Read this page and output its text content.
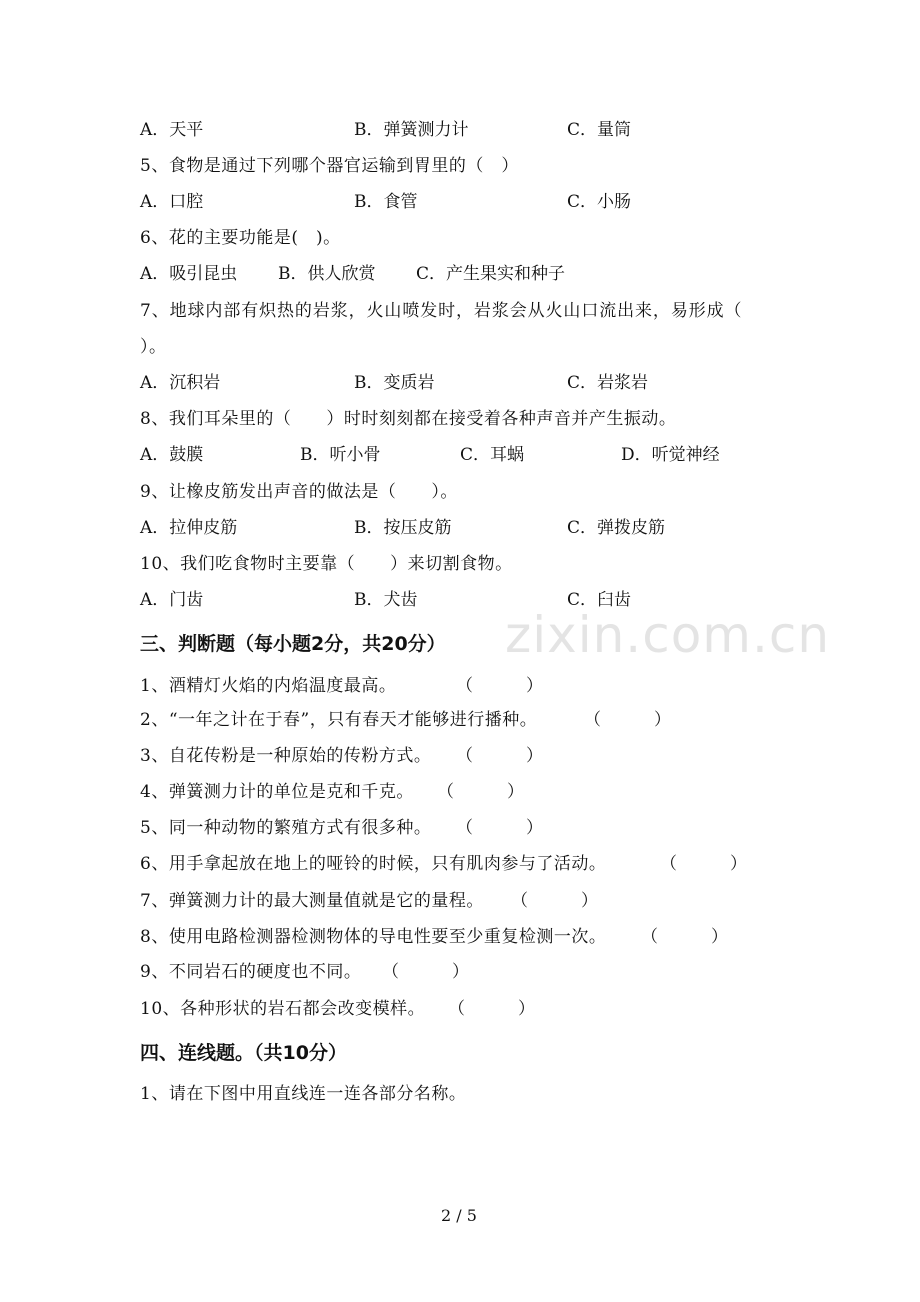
A．天平	B．弹簧测力计	C．量筒
5、食物是通过下列哪个器官运输到胃里的（　）
A．口腔	B．食管	C．小肠
6、花的主要功能是(　)。
A．吸引昆虫 B．供人欣赏 C．产生果实和种子
7、地球内部有炽热的岩浆，火山喷发时，岩浆会从火山口流出来，易形成（
）。
A．沉积岩	B．变质岩	C．岩浆岩
8、我们耳朵里的（　　）时时刻刻都在接受着各种声音并产生振动。
A．鼓膜	B．听小骨	C．耳蜗	D．听觉神经
9、让橡皮筋发出声音的做法是（　　）。
A．拉伸皮筋	B．按压皮筋	C．弹拨皮筋
10、我们吃食物时主要靠（　　）来切割食物。
A．门齿	B．犬齿	C．臼齿
zixin.com.cn
三、判断题（每小题2分，共20分）
1、酒精灯火焰的内焰温度最高。	（　　　）
2、“一年之计在于春”，只有春天才能够进行播种。	（　　　）
3、自花传粉是一种原始的传粉方式。 （　　　）
4、弹簧测力计的单位是克和千克。 （　　　）
5、同一种动物的繁殖方式有很多种。 （　　　）
6、用手拿起放在地上的哑铃的时候，只有肌肉参与了活动。	（　　　）
7、弹簧测力计的最大测量值就是它的量程。 （　　　）
8、使用电路检测器检测物体的导电性要至少重复检测一次。 （　　　）
9、不同岩石的硬度也不同。 （　　　）
10、各种形状的岩石都会改变模样。 （　　　）
四、连线题。（共10分）
1、请在下图中用直线连一连各部分名称。
2 / 5
